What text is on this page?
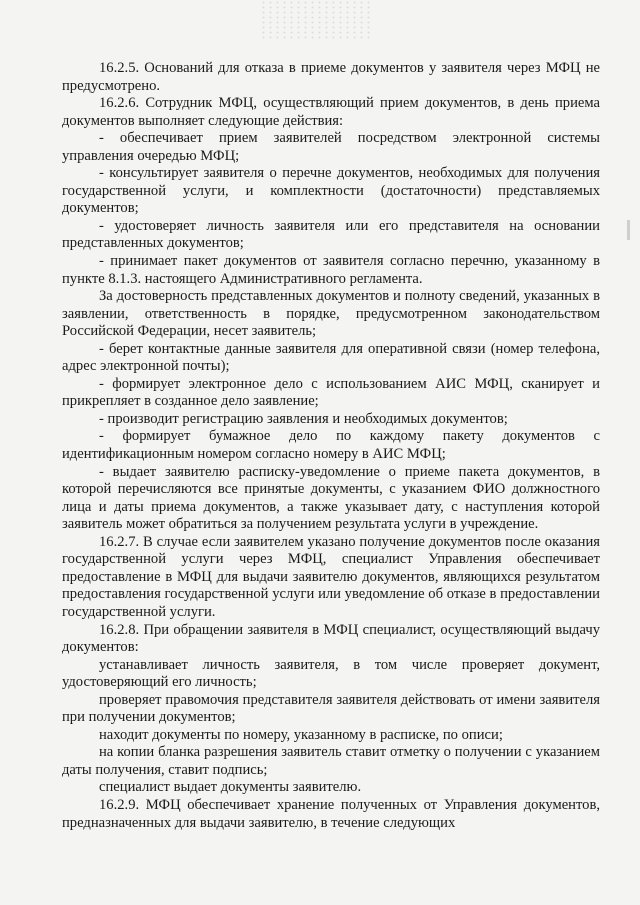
16.2.5. Оснований для отказа в приеме документов у заявителя через МФЦ не предусмотрено.

16.2.6. Сотрудник МФЦ, осуществляющий прием документов, в день приема документов выполняет следующие действия:

- обеспечивает прием заявителей посредством электронной системы управления очередью МФЦ;

- консультирует заявителя о перечне документов, необходимых для получения государственной услуги, и комплектности (достаточности) представляемых документов;

- удостоверяет личность заявителя или его представителя на основании представленных документов;

- принимает пакет документов от заявителя согласно перечню, указанному в пункте 8.1.3. настоящего Административного регламента.

За достоверность представленных документов и полноту сведений, указанных в заявлении, ответственность в порядке, предусмотренном законодательством Российской Федерации, несет заявитель;

- берет контактные данные заявителя для оперативной связи (номер телефона, адрес электронной почты);

- формирует электронное дело с использованием АИС МФЦ, сканирует и прикрепляет в созданное дело заявление;

- производит регистрацию заявления и необходимых документов;

- формирует бумажное дело по каждому пакету документов с идентификационным номером согласно номеру в АИС МФЦ;

- выдает заявителю расписку-уведомление о приеме пакета документов, в которой перечисляются все принятые документы, с указанием ФИО должностного лица и даты приема документов, а также указывает дату, с наступления которой заявитель может обратиться за получением результата услуги в учреждение.

16.2.7. В случае если заявителем указано получение документов после оказания государственной услуги через МФЦ, специалист Управления обеспечивает предоставление в МФЦ для выдачи заявителю документов, являющихся результатом предоставления государственной услуги или уведомление об отказе в предоставлении государственной услуги.

16.2.8. При обращении заявителя в МФЦ специалист, осуществляющий выдачу документов:

устанавливает личность заявителя, в том числе проверяет документ, удостоверяющий его личность;

проверяет правомочия представителя заявителя действовать от имени заявителя при получении документов;

находит документы по номеру, указанному в расписке, по описи;

на копии бланка разрешения заявитель ставит отметку о получении с указанием даты получения, ставит подпись;

специалист выдает документы заявителю.

16.2.9. МФЦ обеспечивает хранение полученных от Управления документов, предназначенных для выдачи заявителю, в течение следующих
